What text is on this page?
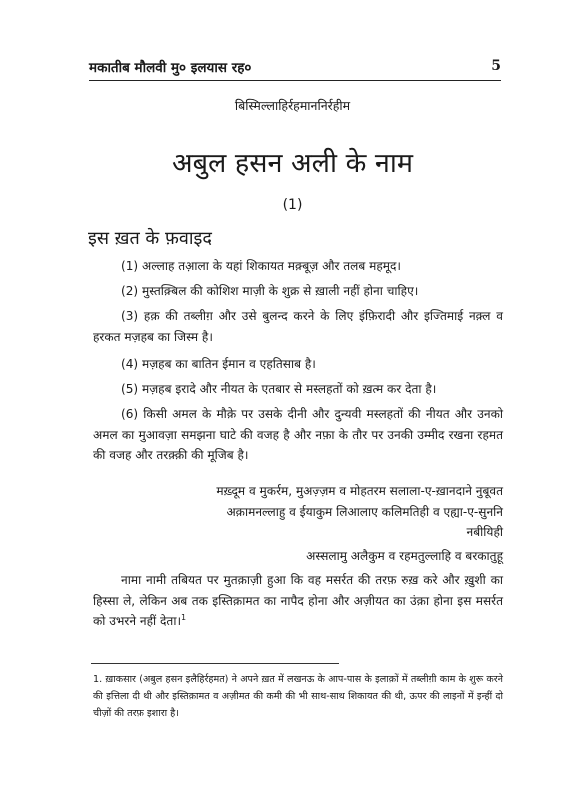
मकातीब मौलवी मु० इलयास रह०	5
बिस्मिल्लाहिर्रहमाननिर्रहीम
अबुल हसन अली के नाम
(1)
इस ख़त के फ़वाइद
(1) अल्लाह तआ़ला के यहां शिकायत मक़्बूज़ और तलब महमूद।
(2) मुस्तक़्बिल की कोशिश माज़ी के शुक्र से ख़ाली नहीं होना चाहिए।
(3) हक़ की तब्लीग़ और उसे बुलन्द करने के लिए इंफ़िरादी और इज्तिमाई नक़्ल व हरकत मज़हब का जिस्म है।
(4) मज़हब का बातिन ईमान व एहतिसाब है।
(5) मज़हब इरादे और नीयत के एतबार से मस्लहतों को ख़त्म कर देता है।
(6) किसी अमल के मौक़े पर उसके दीनी और दुन्यवी मस्लहतों की नीयत और उनको अमल का मुआवज़ा समझना घाटे की वजह है और नफ़ा के तौर पर उनकी उम्मीद रखना रहमत की वजह और तरक़्क़ी की मूजिब है।
मख़्दूम व मुकर्रम, मुअज़्ज़म व मोहतरम सलाला-ए-ख़ानदाने नुबूवत
अक़ामनल्लाहु व ईयाकुम लिआलाए कलिमतिही व एह्या-ए-सुननि
नबीयिही
अस्सलामु अलैकुम व रहमतुल्लाहि व बरकातुहू
नामा नामी तबियत पर मुतक़ाज़ी हुआ कि वह मसर्रत की तरफ़ रुख़ करे और ख़ुशी का हिस्सा ले, लेकिन अब तक इस्तिक़ामत का नापैद होना और अज़ीयत का उंक़ा होना इस मसर्रत को उभरने नहीं देता।$^1$
1. ख़ाकसार (अबुल हसन इलैहिर्रहमत) ने अपने ख़त में लखनऊ के आप-पास के इलाक़ों में तब्लीग़ी काम के शुरू करने की इत्तिला दी थी और इस्तिक़ामत व अज़ीमत की कमी की भी साथ-साथ शिकायत की थी, ऊपर की लाइनों में इन्हीं दो चीज़ों की तरफ़ इशारा है।
